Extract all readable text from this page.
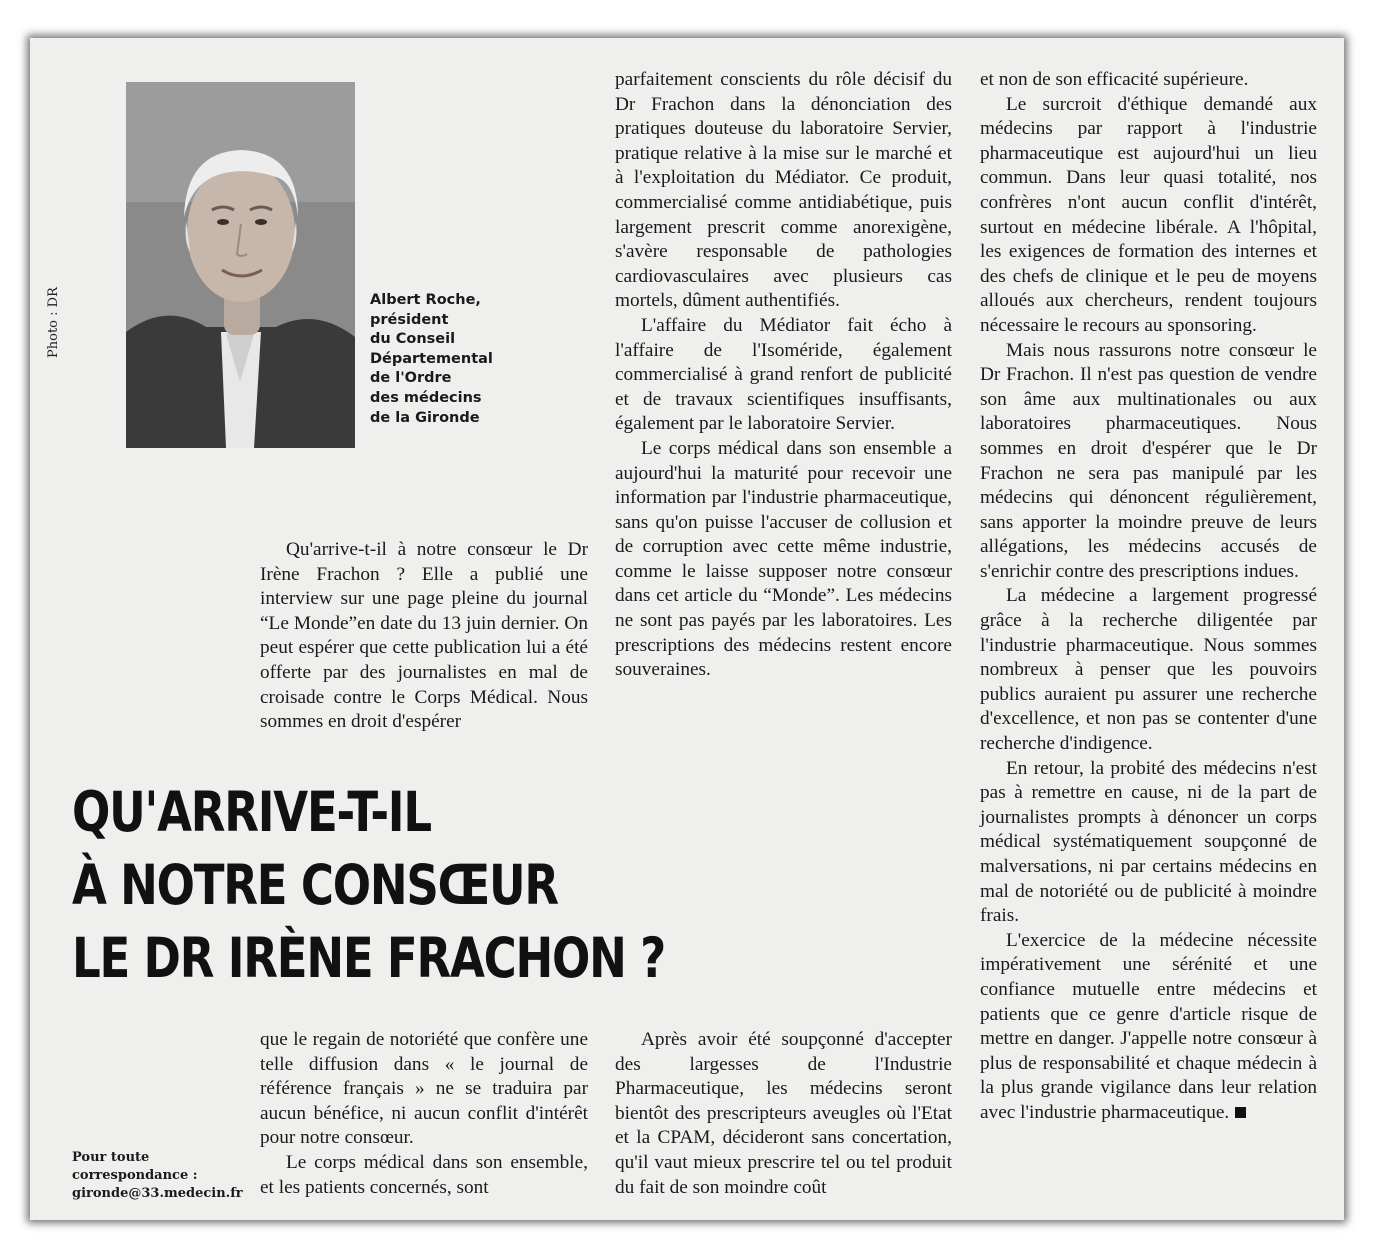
Photo : DR	Albert Roche,
président
du Conseil
Départemental
de l'Ordre
des médecins
de la Gironde

Qu'arrive-t-il à notre consœur le Dr Irène Frachon ? Elle a publié une interview sur une page pleine du journal “Le Monde”en date du 13 juin dernier. On peut espérer que cette publication lui a été offerte par des journalistes en mal de croisade contre le Corps Médical. Nous sommes en droit d'espérer

parfaitement conscients du rôle décisif du Dr Frachon dans la dénonciation des pratiques douteuse du laboratoire Servier, pratique relative à la mise sur le marché et à l'exploitation du Médiator. Ce produit, commercialisé comme antidiabétique, puis largement prescrit comme anorexigène, s'avère responsable de pathologies cardiovasculaires avec plusieurs cas mortels, dûment authentifiés.

L'affaire du Médiator fait écho à l'affaire de l'Isoméride, également commercialisé à grand renfort de publicité et de travaux scientifiques insuffisants, également par le laboratoire Servier.

Le corps médical dans son ensemble a aujourd'hui la maturité pour recevoir une information par l'industrie pharmaceutique, sans qu'on puisse l'accuser de collusion et de corruption avec cette même industrie, comme le laisse supposer notre consœur dans cet article du “Monde”. Les médecins ne sont pas payés par les laboratoires. Les prescriptions des médecins restent encore souveraines.

et non de son efficacité supérieure.

Le surcroit d'éthique demandé aux médecins par rapport à l'industrie pharmaceutique est aujourd'hui un lieu commun. Dans leur quasi totalité, nos confrères n'ont aucun conflit d'intérêt, surtout en médecine libérale. A l'hôpital, les exigences de formation des internes et des chefs de clinique et le peu de moyens alloués aux chercheurs, rendent toujours nécessaire le recours au sponsoring.

Mais nous rassurons notre consœur le Dr Frachon. Il n'est pas question de vendre son âme aux multinationales ou aux laboratoires pharmaceutiques. Nous sommes en droit d'espérer que le Dr Frachon ne sera pas manipulé par les médecins qui dénoncent régulièrement, sans apporter la moindre preuve de leurs allégations, les médecins accusés de s'enrichir contre des prescriptions indues.

La médecine a largement progressé grâce à la recherche diligentée par l'industrie pharmaceutique. Nous sommes nombreux à penser que les pouvoirs publics auraient pu assurer une recherche d'excellence, et non pas se contenter d'une recherche d'indigence.

En retour, la probité des médecins n'est pas à remettre en cause, ni de la part de journalistes prompts à dénoncer un corps médical systématiquement soupçonné de malversations, ni par certains médecins en mal de notoriété ou de publicité à moindre frais.

L'exercice de la médecine nécessite impérativement une sérénité et une confiance mutuelle entre médecins et patients que ce genre d'article risque de mettre en danger. J'appelle notre consœur à plus de responsabilité et chaque médecin à la plus grande vigilance dans leur relation avec l'industrie pharmaceutique.

QU'ARRIVE-T-IL
À NOTRE CONSŒUR
LE DR IRÈNE FRACHON ?

que le regain de notoriété que confère une telle diffusion dans « le journal de référence français » ne se traduira par aucun bénéfice, ni aucun conflit d'intérêt pour notre consœur.

Le corps médical dans son ensemble, et les patients concernés, sont

Après avoir été soupçonné d'accepter des largesses de l'Industrie Pharmaceutique, les médecins seront bientôt des prescripteurs aveugles où l'Etat et la CPAM, décideront sans concertation, qu'il vaut mieux prescrire tel ou tel produit du fait de son moindre coût

Pour toute
correspondance :
gironde@33.medecin.fr
